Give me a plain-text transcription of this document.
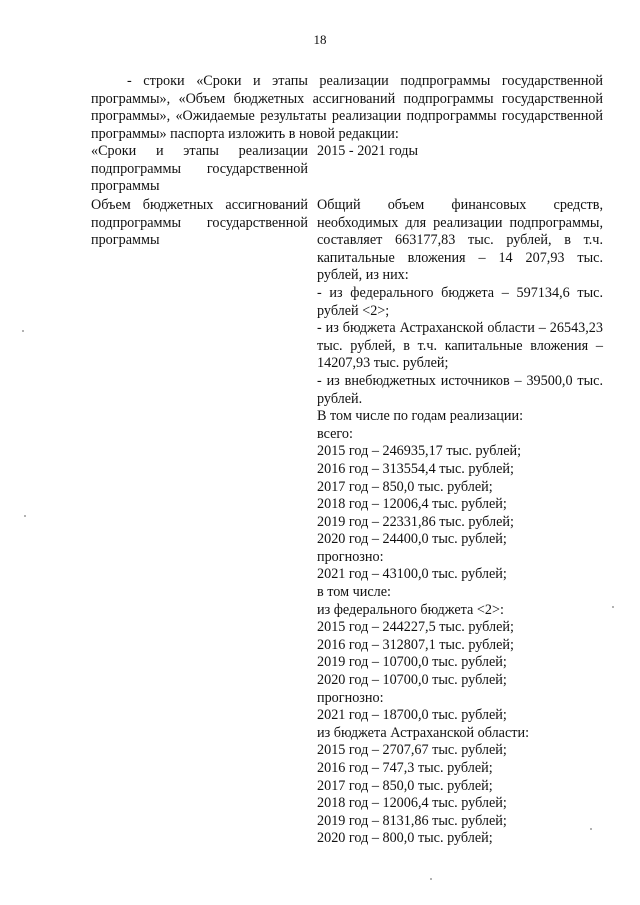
18

- строки «Сроки и этапы реализации подпрограммы государственной программы», «Объем бюджетных ассигнований подпрограммы государственной программы», «Ожидаемые результаты реализации подпрограммы государственной программы» паспорта изложить в новой редакции:

«Сроки и этапы реализации подпрограммы государственной программы

2015 - 2021 годы

Объем бюджетных ассигнований подпрограммы государственной программы

Общий объем финансовых средств, необходимых для реализации подпрограммы, составляет 663177,83 тыс. рублей, в т.ч. капитальные вложения – 14 207,93 тыс. рублей, из них:

- из федерального бюджета – 597134,6 тыс. рублей <2>;

- из бюджета Астраханской области – 26543,23 тыс. рублей, в т.ч. капитальные вложения – 14207,93 тыс. рублей;

- из внебюджетных источников – 39500,0 тыс. рублей.

В том числе по годам реализации:

всего:

2015 год – 246935,17 тыс. рублей;

2016 год – 313554,4 тыс. рублей;

2017 год – 850,0 тыс. рублей;

2018 год – 12006,4 тыс. рублей;

2019 год – 22331,86 тыс. рублей;

2020 год – 24400,0 тыс. рублей;

прогнозно:

2021 год – 43100,0 тыс. рублей;

в том числе:

из федерального бюджета <2>:

2015 год – 244227,5 тыс. рублей;

2016 год – 312807,1 тыс. рублей;

2019 год – 10700,0 тыс. рублей;

2020 год – 10700,0 тыс. рублей;

прогнозно:

2021 год – 18700,0 тыс. рублей;

из бюджета Астраханской области:

2015 год – 2707,67 тыс. рублей;

2016 год – 747,3 тыс. рублей;

2017 год – 850,0 тыс. рублей;

2018 год – 12006,4 тыс. рублей;

2019 год – 8131,86 тыс. рублей;

2020 год – 800,0 тыс. рублей;
